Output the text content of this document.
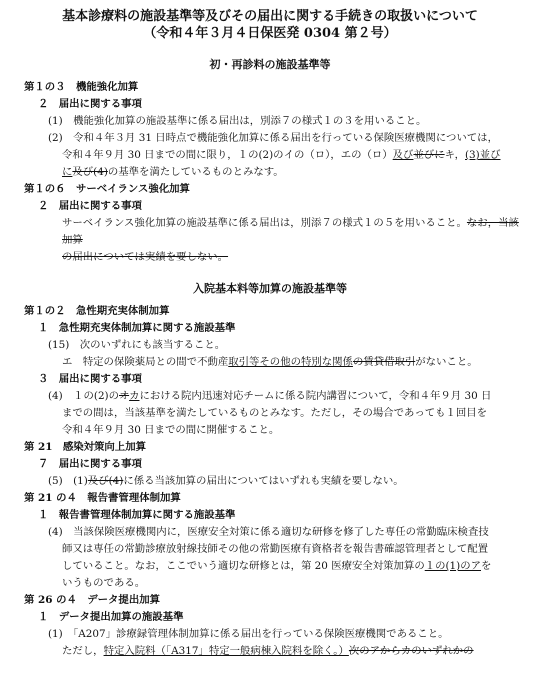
基本診療料の施設基準等及びその届出に関する手続きの取扱いについて
（令和４年３月４日保医発 0304 第２号）
初・再診料の施設基準等
第１の３　機能強化加算
２　届出に関する事項
(1)　機能強化加算の施設基準に係る届出は，別添７の様式１の３を用いること。
(2)　令和４年３月 31 日時点で機能強化加算に係る届出を行っている保険医療機関については，
令和４年９月 30 日までの間に限り，１の(2)のイの（ロ），エの（ロ）及び並びにキ，(3)並び
に及び(4)の基準を満たしているものとみなす。
第１の６　サーベイランス強化加算
２　届出に関する事項
サーベイランス強化加算の施設基準に係る届出は，別添７の様式１の５を用いること。なお，当該加算
の届出については実績を要しない。
入院基本料等加算の施設基準等
第１の２　急性期充実体制加算
１　急性期充実体制加算に関する施設基準
(15)　次のいずれにも該当すること。
エ　特定の保険薬局との間で不動産取引等その他の特別な関係の賃貸借取引がないこと。
３　届出に関する事項
(4)　１の(2)のオカにおける院内迅速対応チームに係る院内講習について，令和４年９月 30 日
までの間は，当該基準を満たしているものとみなす。ただし，その場合であっても１回目を
令和４年９月 30 日までの間に開催すること。
第 21　感染対策向上加算
７　届出に関する事項
(5)　(1)及び(4)に係る当該加算の届出についてはいずれも実績を要しない。
第 21 の４　報告書管理体制加算
１　報告書管理体制加算に関する施設基準
(4)　当該保険医療機関内に，医療安全対策に係る適切な研修を修了した専任の常勤臨床検査技
師又は専任の常勤診療放射線技師その他の常勤医療有資格者を報告書確認管理者として配置
していること。なお，ここでいう適切な研修とは，第 20 医療安全対策加算の１の(1)のアを
いうものである。
第 26 の４　データ提出加算
１　データ提出加算の施設基準
(1)　「A207」診療録管理体制加算に係る届出を行っている保険医療機関であること。
ただし，特定入院料（「A317」特定一般病棟入院料を除く。）次のアからカのいずれかの
